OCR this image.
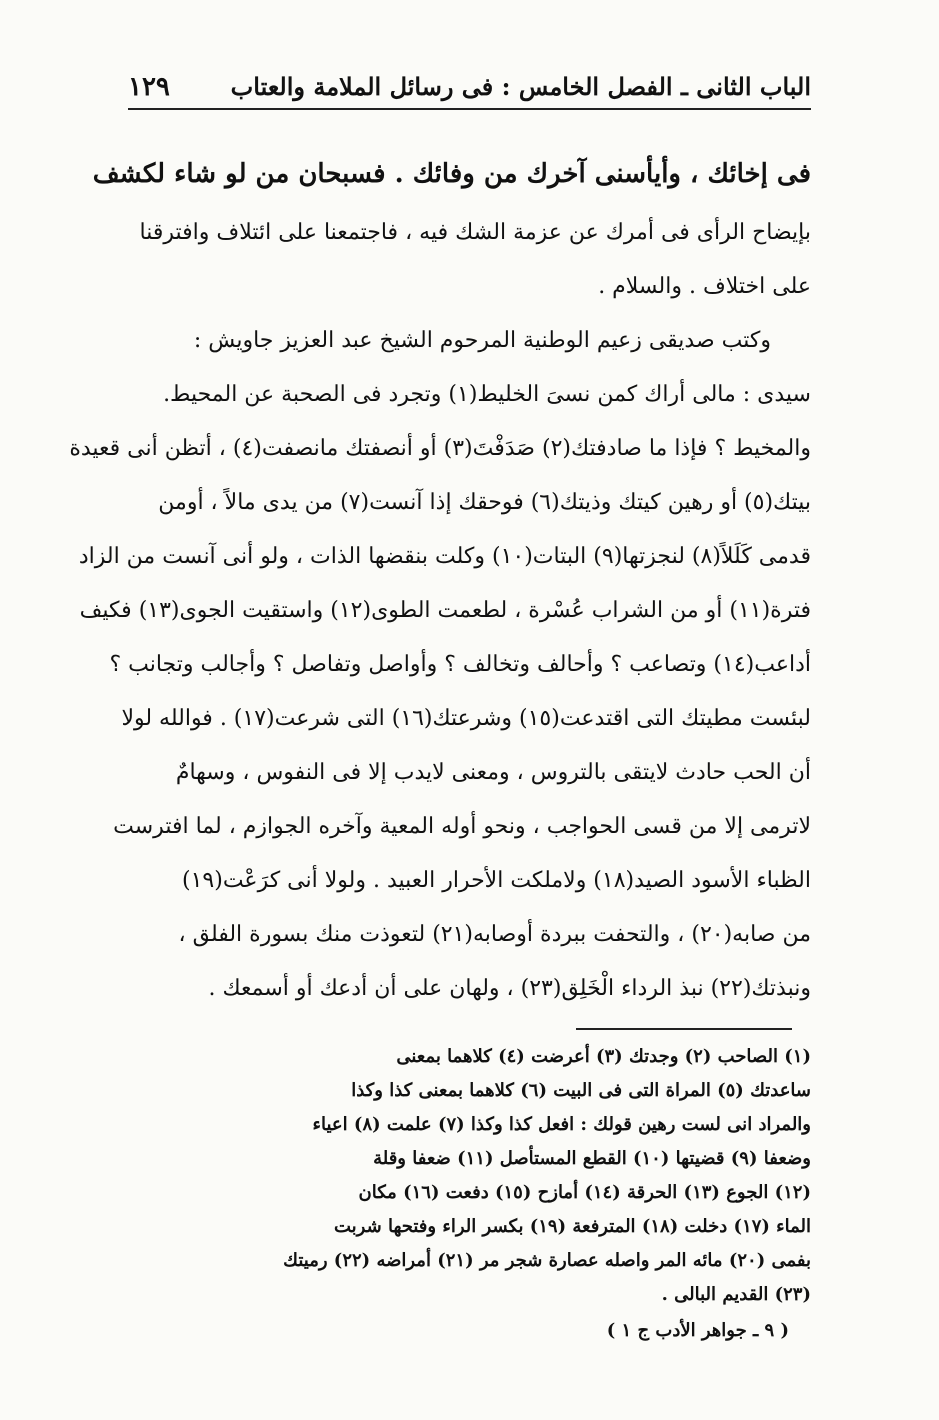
الباب الثانى ـ الفصل الخامس : فى رسائل الملامة والعتاب
١٢٩
فى إخائك ، وأيأسنى آخرك من وفائك . فسبحان من لو شاء لكشف
بإيضاح الرأى فى أمرك عن عزمة الشك فيه ، فاجتمعنا على ائتلاف وافترقنا
على اختلاف . والسلام .
وكتب صديقى زعيم الوطنية المرحوم الشيخ عبد العزيز جاويش :
سيدى : مالى أراك كمن نسىَ الخليط(١) وتجرد فى الصحبة عن المحيط.
والمخيط ؟ فإذا ما صادفتك(٢) صَدَفْتَ(٣) أو أنصفتك مانصفت(٤) ، أتظن أنى قعيدة
بيتك(٥) أو رهين كيتك وذيتك(٦) فوحقك إذا آنست(٧) من يدى مالاً ، أومن
قدمى كَلَلاً(٨) لنجزتها(٩) البتات(١٠) وكلت بنقضها الذات ، ولو أنى آنست من الزاد
فترة(١١) أو من الشراب عُسْرة ، لطعمت الطوى(١٢) واستقيت الجوى(١٣) فكيف
أداعب(١٤) وتصاعب ؟ وأحالف وتخالف ؟ وأواصل وتفاصل ؟ وأجالب وتجانب ؟
لبئست مطيتك التى اقتدعت(١٥) وشرعتك(١٦) التى شرعت(١٧) . فوالله لولا
أن الحب حادث لايتقى بالتروس ، ومعنى لايدب إلا فى النفوس ، وسهامٌ
لاترمى إلا من قسى الحواجب ، ونحو أوله المعية وآخره الجوازم ، لما افترست
الظباء الأسود الصيد(١٨) ولاملكت الأحرار العبيد . ولولا أنى كرَعْت(١٩)
من صابه(٢٠) ، والتحفت ببردة أوصابه(٢١) لتعوذت منك بسورة الفلق ،
ونبذتك(٢٢) نبذ الرداء الْخَلِق(٢٣) ، ولهان على أن أدعك أو أسمعك .
(١) الصاحب (٢) وجدتك (٣) أعرضت (٤) كلاهما بمعنى
ساعدتك (٥) المراة التى فى البيت (٦) كلاهما بمعنى كذا وكذا
والمراد انى لست رهين قولك : افعل كذا وكذا (٧) علمت (٨) اعياء
وضعفا (٩) قضيتها (١٠) القطع المستأصل (١١) ضعفا وقلة
(١٢) الجوع (١٣) الحرقة (١٤) أمازح (١٥) دفعت (١٦) مكان
الماء (١٧) دخلت (١٨) المترفعة (١٩) بكسر الراء وفتحها شربت
بفمى (٢٠) مائه المر واصله عصارة شجر مر (٢١) أمراضه (٢٢) رميتك
(٢٣) القديم البالى .
( ٩ ـ جواهر الأدب ج ١ )
